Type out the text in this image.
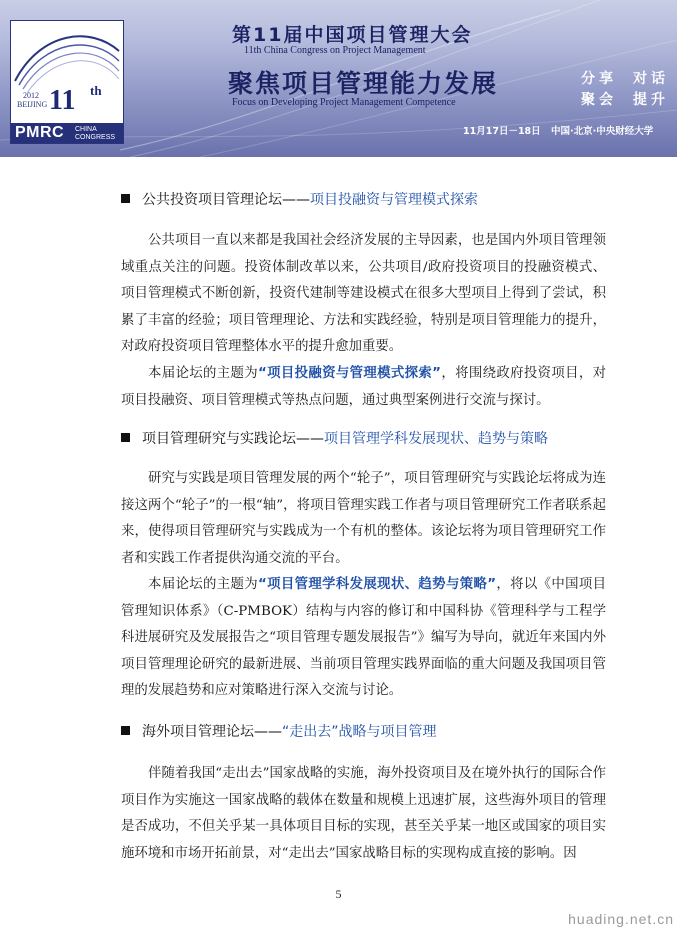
2012
BEIJING 11 th
PMRC CHINA
CONGRESS
第11届中国项目管理大会
11th China Congress on Project Management
聚焦项目管理能力发展
Focus on Developing Project Management Competence
分享 对话
聚会 提升
11月17日－18日 中国·北京·中央财经大学
公共投资项目管理论坛——项目投融资与管理模式探索

公共项目一直以来都是我国社会经济发展的主导因素，也是国内外项目管理领域重点关注的问题。投资体制改革以来，公共项目/政府投资项目的投融资模式、项目管理模式不断创新，投资代建制等建设模式在很多大型项目上得到了尝试，积累了丰富的经验；项目管理理论、方法和实践经验，特别是项目管理能力的提升，对政府投资项目管理整体水平的提升愈加重要。

本届论坛的主题为“项目投融资与管理模式探索”，将围绕政府投资项目，对项目投融资、项目管理模式等热点问题，通过典型案例进行交流与探讨。

项目管理研究与实践论坛——项目管理学科发展现状、趋势与策略

研究与实践是项目管理发展的两个“轮子”，项目管理研究与实践论坛将成为连接这两个“轮子”的一根“轴”，将项目管理实践工作者与项目管理研究工作者联系起来，使得项目管理研究与实践成为一个有机的整体。该论坛将为项目管理研究工作者和实践工作者提供沟通交流的平台。

本届论坛的主题为“项目管理学科发展现状、趋势与策略”，将以《中国项目管理知识体系》（C-PMBOK）结构与内容的修订和中国科协《管理科学与工程学科进展研究及发展报告之“项目管理专题发展报告”》编写为导向，就近年来国内外项目管理理论研究的最新进展、当前项目管理实践界面临的重大问题及我国项目管理的发展趋势和应对策略进行深入交流与讨论。

海外项目管理论坛——“走出去”战略与项目管理

伴随着我国“走出去”国家战略的实施，海外投资项目及在境外执行的国际合作项目作为实施这一国家战略的载体在数量和规模上迅速扩展，这些海外项目的管理是否成功，不但关乎某一具体项目目标的实现，甚至关乎某一地区或国家的项目实施环境和市场开拓前景，对“走出去”国家战略目标的实现构成直接的影响。因

5
huading.net.cn
